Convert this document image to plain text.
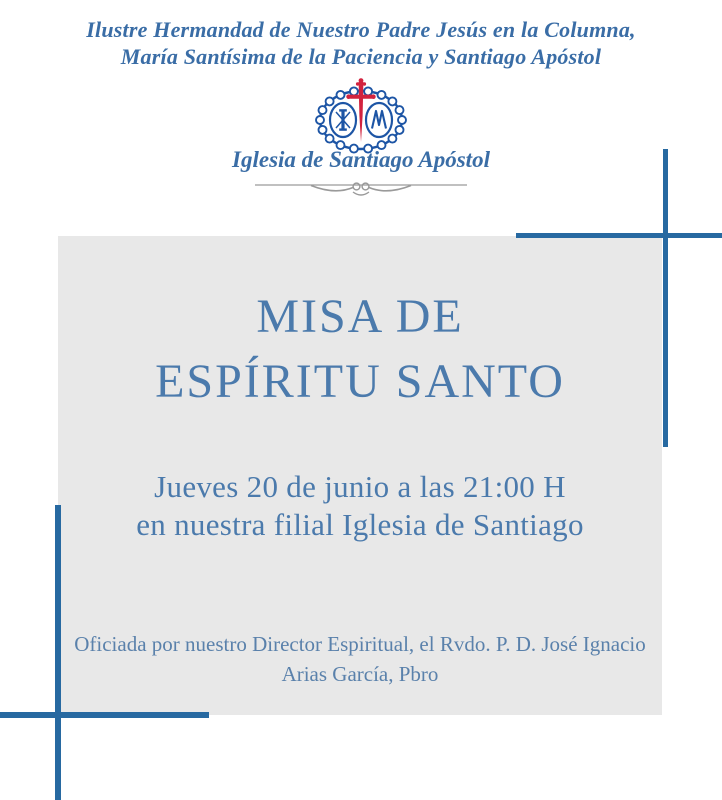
Ilustre Hermandad de Nuestro Padre Jesús en la Columna,
María Santísima de la Paciencia y Santiago Apóstol
Iglesia de Santiago Apóstol
MISA DE
ESPÍRITU SANTO
Jueves 20 de junio a las 21:00 H
en nuestra filial Iglesia de Santiago
Oficiada por nuestro Director Espiritual, el Rvdo. P. D. José Ignacio
Arias García, Pbro
